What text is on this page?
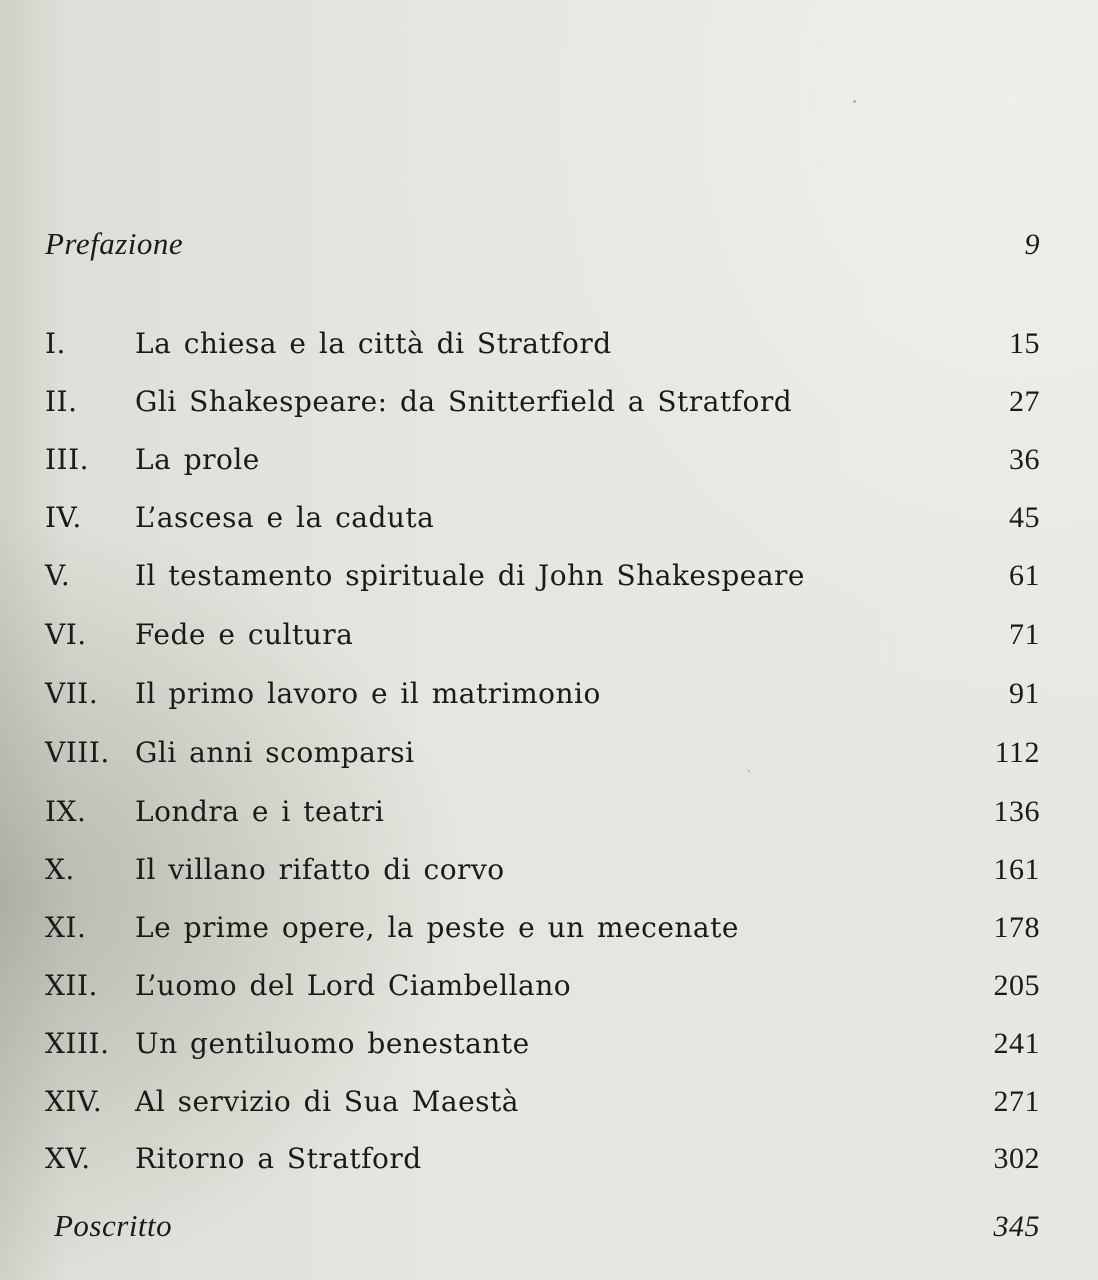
Prefazione	9
I.	La chiesa e la città di Stratford	15
II.	Gli Shakespeare: da Snitterfield a Stratford	27
III.	La prole	36
IV.	L’ascesa e la caduta	45
V.	Il testamento spirituale di John Shakespeare	61
VI.	Fede e cultura	71
VII.	Il primo lavoro e il matrimonio	91
VIII. Gli anni scomparsi	112
IX.	Londra e i teatri	136
X.	Il villano rifatto di corvo	161
XI.	Le prime opere, la peste e un mecenate	178
XII.	L’uomo del Lord Ciambellano	205
XIII. Un gentiluomo benestante	241
XIV.	Al servizio di Sua Maestà	271
XV.	Ritorno a Stratford	302
Poscritto	345
